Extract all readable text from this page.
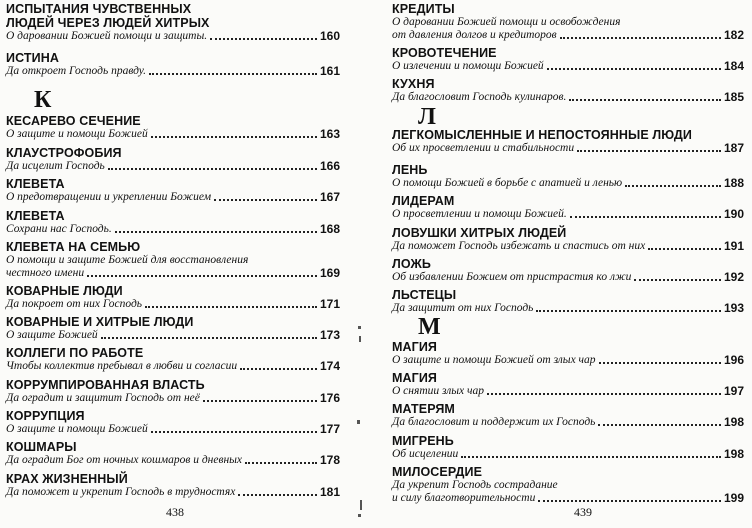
ИСПЫТАНИЯ ЧУВСТВЕННЫХ ЛЮДЕЙ ЧЕРЕЗ ЛЮДЕЙ ХИТРЫХ
О даровании Божией помощи и защиты.	160
ИСТИНА
Да откроет Господь правду.	161
К
КЕСАРЕВО СЕЧЕНИЕ
О защите и помощи Божией	163
КЛАУСТРОФОБИЯ
Да исцелит Господь	166
КЛЕВЕТА
О предотвращении и укреплении Божием	167
КЛЕВЕТА
Сохрани нас Господь.	168
КЛЕВЕТА НА СЕМЬЮ
О помощи и защите Божией для восстановления
честного имени	169
КОВАРНЫЕ ЛЮДИ
Да покроет от них Господь	171
КОВАРНЫЕ И ХИТРЫЕ ЛЮДИ
О защите Божией	173
КОЛЛЕГИ ПО РАБОТЕ
Чтобы коллектив пребывал в любви и согласии	174
КОРРУМПИРОВАННАЯ ВЛАСТЬ
Да оградит и защитит Господь от неё	176
КОРРУПЦИЯ
О защите и помощи Божией	177
КОШМАРЫ
Да оградит Бог от ночных кошмаров и дневных	178
КРАХ ЖИЗНЕННЫЙ
Да поможет и укрепит Господь в трудностях	181
438
КРЕДИТЫ
О даровании Божией помощи и освобождения
от давления долгов и кредиторов	182
КРОВОТЕЧЕНИЕ
О излечении и помощи Божией	184
КУХНЯ
Да благословит Господь кулинаров.	185
Л
ЛЕГКОМЫСЛЕННЫЕ И НЕПОСТОЯННЫЕ ЛЮДИ
Об их просветлении и стабильности	187
ЛЕНЬ
О помощи Божией в борьбе с апатией и ленью	188
ЛИДЕРАМ
О просветлении и помощи Божией.	190
ЛОВУШКИ ХИТРЫХ ЛЮДЕЙ
Да поможет Господь избежать и спастись от них	191
ЛОЖЬ
Об избавлении Божием от пристрастия ко лжи	192
ЛЬСТЕЦЫ
Да защитит от них Господь	193
М
МАГИЯ
О защите и помощи Божией от злых чар	196
МАГИЯ
О снятии злых чар	197
МАТЕРЯМ
Да благословит и поддержит их Господь	198
МИГРЕНЬ
Об исцелении	198
МИЛОСЕРДИЕ
Да укрепит Господь сострадание
и силу благотворительности	199
439
